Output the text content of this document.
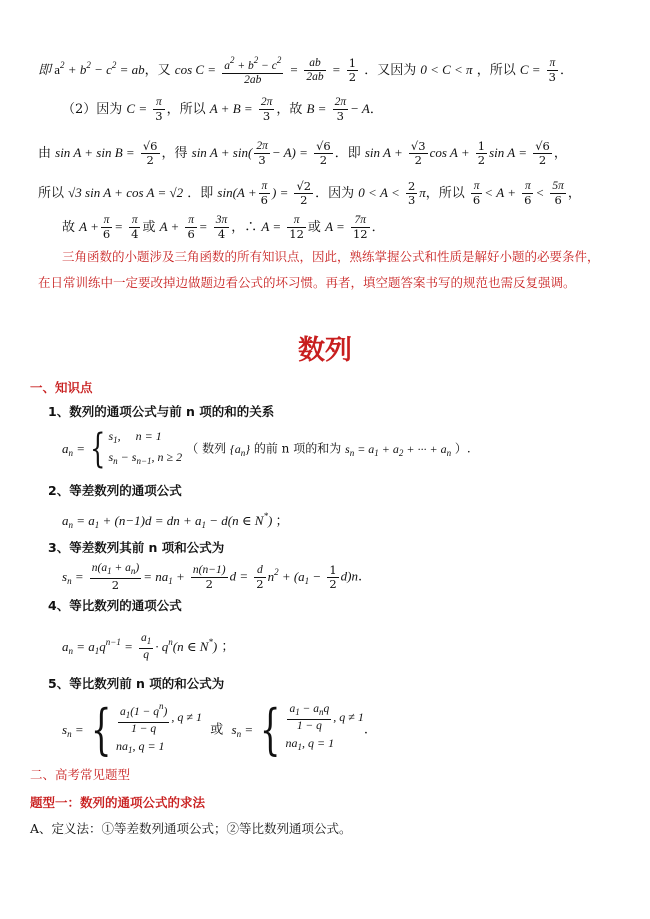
即 $a^2 + b^2 - c^2$ = ab，又 $\cos C = \frac{a^2 + b^2 - c^2}{2ab} = \frac{ab}{2ab} = \frac{1}{2}$ ．又因为 0 < C < π ，所以 $C = \frac{\pi}{3}$ ．
（2）因为 $C = \frac{\pi}{3}$ ，所以 $A + B = \frac{2\pi}{3}$ ，故 $B = \frac{2\pi}{3} - A$．
由 $\sin A + \sin B = \frac{√6}{2}$ ，得 $\sin A + \sin( \frac{2\pi}{3} - A) = \frac{√6}{2}$ ．即 $\sin A + \frac{√3}{2}$ $\cos A + \frac{1}{2}$ $\sin A = \frac{√6}{2}$ ，
所以 √3 sin A + cos A = √2 ．即 $\sin(A + \frac{\pi}{6}$ ) = $\frac{√2}{2}$ ．因为 $0 < A < \frac{2}{3}$ π，所以 $\frac{\pi}{6} < A + \frac{\pi}{6} < \frac{5\pi}{6}$ ，
故 $A + \frac{\pi}{6} = \frac{\pi}{4}$ 或 $A + \frac{\pi}{6} = \frac{3\pi}{4}$ ，∴ $A = \frac{\pi}{12}$ 或 $A = \frac{7\pi}{12}$ ．
三角函数的小题涉及三角函数的所有知识点，因此，熟练掌握公式和性质是解好小题的必要条件，
在日常训练中一定要改掉边做题边看公式的坏习惯。再者，填空题答案书写的规范也需反复强调。
数列
一、知识点
1、数列的通项公式与前 n 项的和的关系
$a_n$ = { $s_1$,     n = 1
$s_n - s_{n-1}$, n ≥ 2
（ 数列 $\{a_n\}$ 的前 n 项的和为 $s_n = a_1 + a_2$ + ··· + $a_n$ ）.
2、等差数列的通项公式
$a_n = a_1 + (n-1)d$ = dn + $a_1 - d(n$ ∈ N*) ；
3、等差数列其前 n 项和公式为
$s_n = \frac{n(a_1 + a_n)}{2} = na_1 + \frac{n(n-1)}{2}$ $d = \frac{d}{2} n^2 + (a_1 - \frac{1}{2} d)n$.
4、等比数列的通项公式
$a_n = a_1q^{n-1} = \frac{a_1}{q} \cdot q^n(n$ ∈ N*) ；
5、等比数列前 n 项的和公式为
$s_n$ = { $\frac{a_1(1 - q^n)}{1 - q}$ , q ≠ 1
$na_1$, q = 1
或  $s_n$ = { $\frac{a_1 - a_nq}{1 - q}$ , q ≠ 1
$na_1$, q = 1
.
二、高考常见题型
题型一：数列的通项公式的求法
A、定义法：①等差数列通项公式；②等比数列通项公式。
